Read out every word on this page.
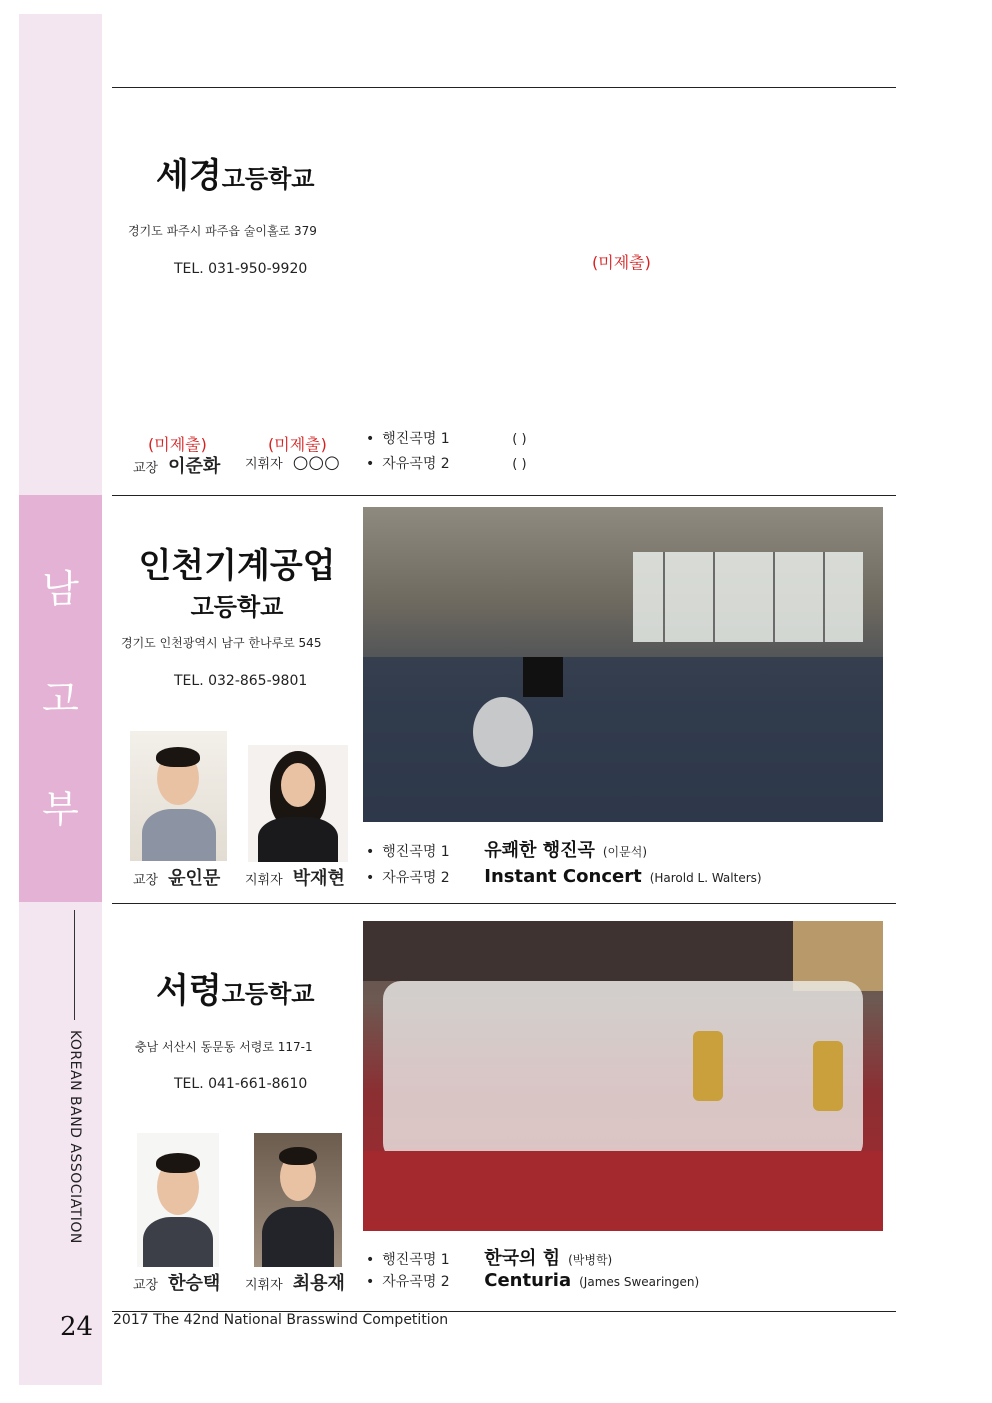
남
고
부
KOREAN BAND ASSOCIATION
24 2017 The 42nd National Brasswind Competition
세경고등학교
경기도 파주시 파주읍 술이홀로 379
TEL. 031-950-9920	(미제출)
(미제출)	(미제출)
교장 이준화 지휘자 ○○○
• 행진곡명 1	( )
• 자유곡명 2	( )
인천기계공업
고등학교
경기도 인천광역시 남구 한나루로 545
TEL. 032-865-9801
교장 윤인문 지휘자 박재현
• 행진곡명 1	유쾌한 행진곡 (이문석)
• 자유곡명 2	Instant Concert (Harold L. Walters)
서령고등학교
충남 서산시 동문동 서령로 117-1
TEL. 041-661-8610
교장 한승택 지휘자 최용재
• 행진곡명 1	한국의 힘 (박병학)
• 자유곡명 2	Centuria (James Swearingen)
